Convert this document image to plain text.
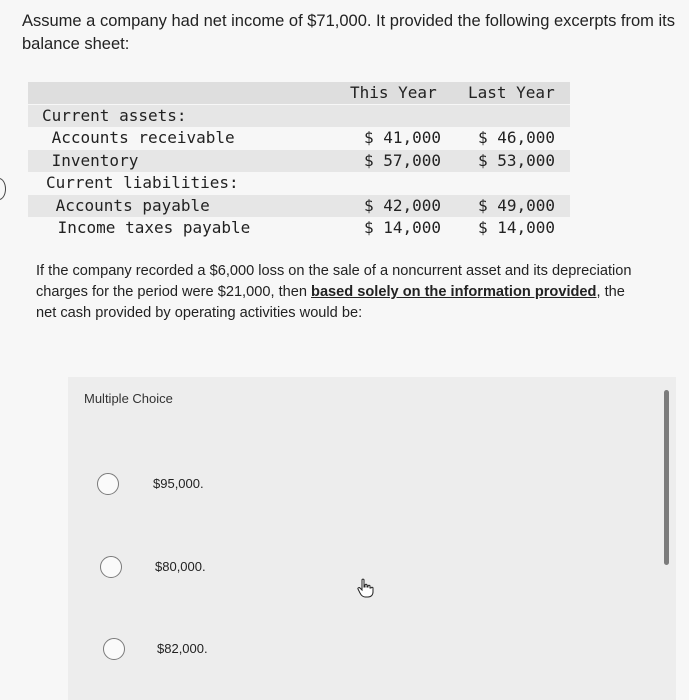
Assume a company had net income of $71,000. It provided the following excerpts from its balance sheet:
This Year Last Year
Current assets:
Accounts receivable	$ 41,000 $ 46,000
Inventory	$ 57,000 $ 53,000
Current liabilities:
Accounts payable	$ 42,000 $ 49,000
Income taxes payable	$ 14,000 $ 14,000
If the company recorded a $6,000 loss on the sale of a noncurrent asset and its depreciation charges for the period were $21,000, then based solely on the information provided, the net cash provided by operating activities would be:
Multiple Choice
$95,000.
$80,000.
$82,000.
